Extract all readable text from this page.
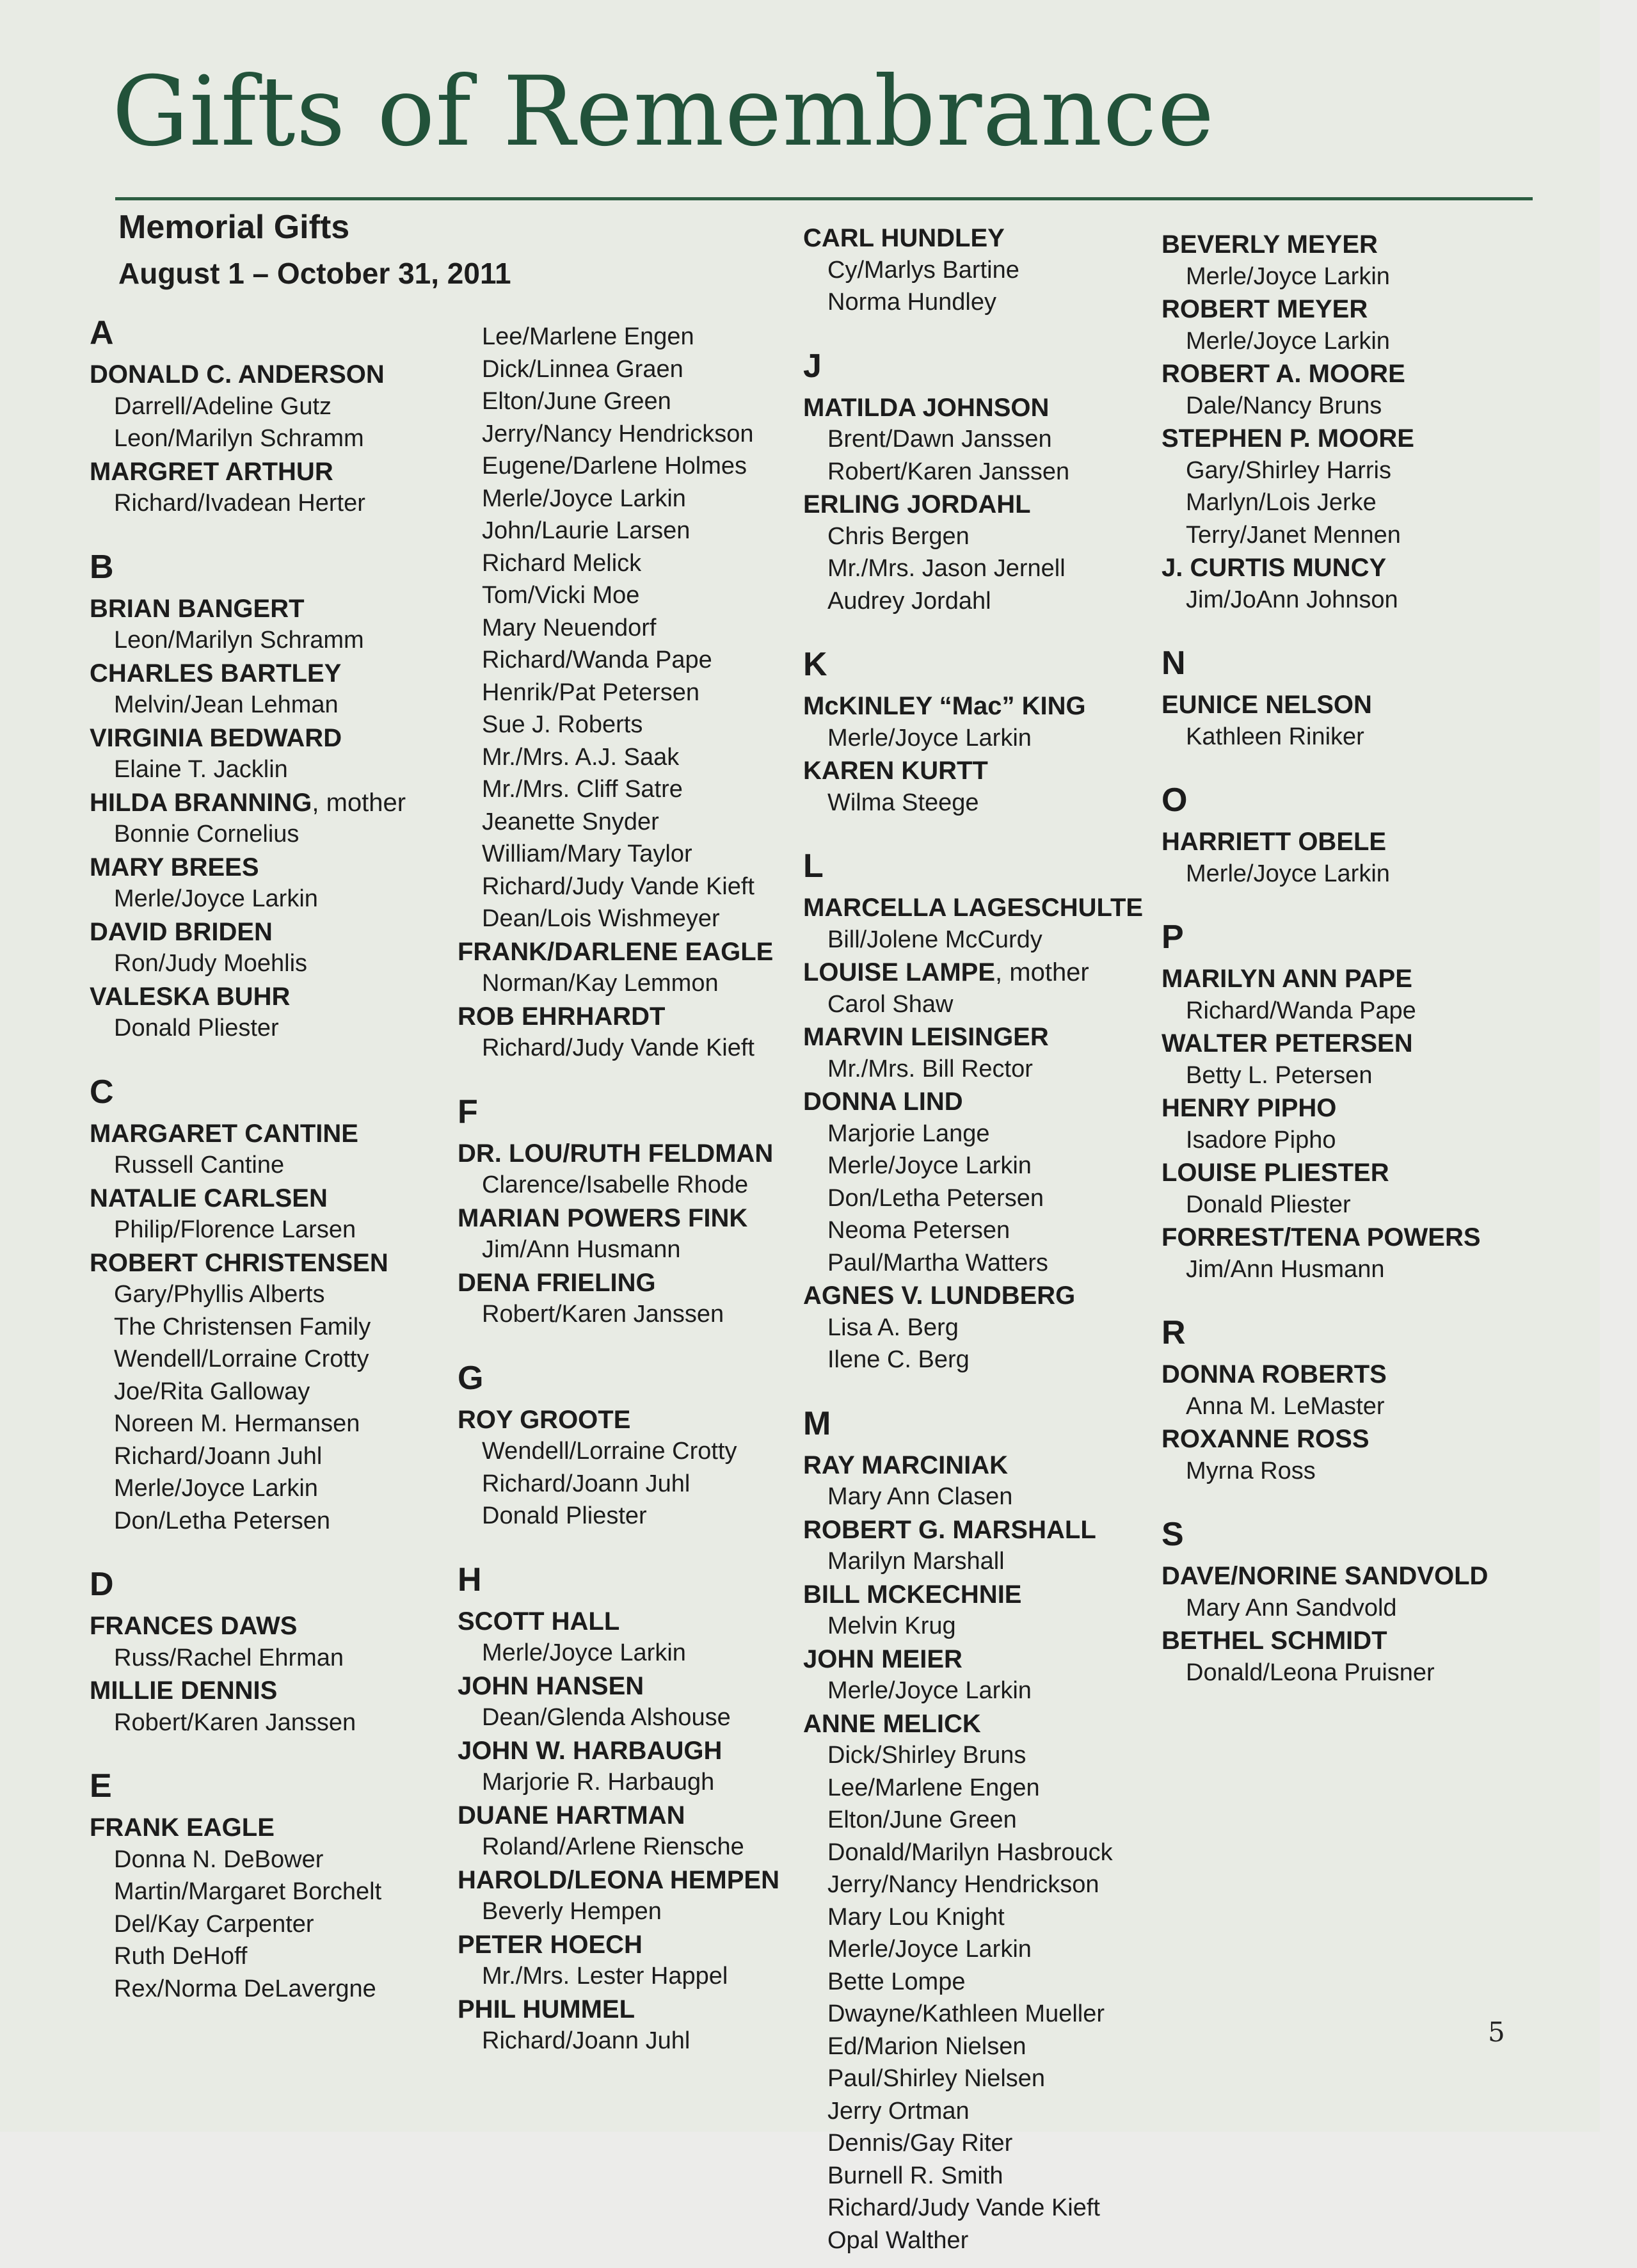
Gifts of Remembrance
Memorial Gifts
August 1 – October 31, 2011
A
DONALD C. ANDERSON
Darrell/Adeline Gutz
Leon/Marilyn Schramm
MARGRET ARTHUR
Richard/Ivadean Herter
B
BRIAN BANGERT
Leon/Marilyn Schramm
CHARLES BARTLEY
Melvin/Jean Lehman
VIRGINIA BEDWARD
Elaine T. Jacklin
HILDA BRANNING, mother
Bonnie Cornelius
MARY BREES
Merle/Joyce Larkin
DAVID BRIDEN
Ron/Judy Moehlis
VALESKA BUHR
Donald Pliester
C
MARGARET CANTINE
Russell Cantine
NATALIE CARLSEN
Philip/Florence Larsen
ROBERT CHRISTENSEN
Gary/Phyllis Alberts
The Christensen Family
Wendell/Lorraine Crotty
Joe/Rita Galloway
Noreen M. Hermansen
Richard/Joann Juhl
Merle/Joyce Larkin
Don/Letha Petersen
D
FRANCES DAWS
Russ/Rachel Ehrman
MILLIE DENNIS
Robert/Karen Janssen
E
FRANK EAGLE
Donna N. DeBower
Martin/Margaret Borchelt
Del/Kay Carpenter
Ruth DeHoff
Rex/Norma DeLavergne
Lee/Marlene Engen
Dick/Linnea Graen
Elton/June Green
Jerry/Nancy Hendrickson
Eugene/Darlene Holmes
Merle/Joyce Larkin
John/Laurie Larsen
Richard Melick
Tom/Vicki Moe
Mary Neuendorf
Richard/Wanda Pape
Henrik/Pat Petersen
Sue J. Roberts
Mr./Mrs. A.J. Saak
Mr./Mrs. Cliff Satre
Jeanette Snyder
William/Mary Taylor
Richard/Judy Vande Kieft
Dean/Lois Wishmeyer
FRANK/DARLENE EAGLE
Norman/Kay Lemmon
ROB EHRHARDT
Richard/Judy Vande Kieft
F
DR. LOU/RUTH FELDMAN
Clarence/Isabelle Rhode
MARIAN POWERS FINK
Jim/Ann Husmann
DENA FRIELING
Robert/Karen Janssen
G
ROY GROOTE
Wendell/Lorraine Crotty
Richard/Joann Juhl
Donald Pliester
H
SCOTT HALL
Merle/Joyce Larkin
JOHN HANSEN
Dean/Glenda Alshouse
JOHN W. HARBAUGH
Marjorie R. Harbaugh
DUANE HARTMAN
Roland/Arlene Rienschе
HAROLD/LEONA HEMPEN
Beverly Hempen
PETER HOECH
Mr./Mrs. Lester Happel
PHIL HUMMEL
Richard/Joann Juhl
CARL HUNDLEY
Cy/Marlys Bartine
Norma Hundley
J
MATILDA JOHNSON
Brent/Dawn Janssen
Robert/Karen Janssen
ERLING JORDAHL
Chris Bergen
Mr./Mrs. Jason Jernell
Audrey Jordahl
K
McKINLEY “Mac” KING
Merle/Joyce Larkin
KAREN KURTT
Wilma Steege
L
MARCELLA LAGESCHULTE
Bill/Jolene McCurdy
LOUISE LAMPE, mother
Carol Shaw
MARVIN LEISINGER
Mr./Mrs. Bill Rector
DONNA LIND
Marjorie Lange
Merle/Joyce Larkin
Don/Letha Petersen
Neoma Petersen
Paul/Martha Watters
AGNES V. LUNDBERG
Lisa A. Berg
Ilene C. Berg
M
RAY MARCINIAK
Mary Ann Clasen
ROBERT G. MARSHALL
Marilyn Marshall
BILL MCKECHNIE
Melvin Krug
JOHN MEIER
Merle/Joyce Larkin
ANNE MELICK
Dick/Shirley Bruns
Lee/Marlene Engen
Elton/June Green
Donald/Marilyn Hasbrouck
Jerry/Nancy Hendrickson
Mary Lou Knight
Merle/Joyce Larkin
Bette Lompe
Dwayne/Kathleen Mueller
Ed/Marion Nielsen
Paul/Shirley Nielsen
Jerry Ortman
Dennis/Gay Riter
Burnell R. Smith
Richard/Judy Vande Kieft
Opal Walther
BEVERLY MEYER
Merle/Joyce Larkin
ROBERT MEYER
Merle/Joyce Larkin
ROBERT A. MOORE
Dale/Nancy Bruns
STEPHEN P. MOORE
Gary/Shirley Harris
Marlyn/Lois Jerke
Terry/Janet Mennen
J. CURTIS MUNCY
Jim/JoAnn Johnson
N
EUNICE NELSON
Kathleen Riniker
O
HARRIETT OBELE
Merle/Joyce Larkin
P
MARILYN ANN PAPE
Richard/Wanda Pape
WALTER PETERSEN
Betty L. Petersen
HENRY PIPHO
Isadore Pipho
LOUISE PLIESTER
Donald Pliester
FORREST/TENA POWERS
Jim/Ann Husmann
R
DONNA ROBERTS
Anna M. LeMaster
ROXANNE ROSS
Myrna Ross
S
DAVE/NORINE SANDVOLD
Mary Ann Sandvold
BETHEL SCHMIDT
Donald/Leona Pruisner
5
